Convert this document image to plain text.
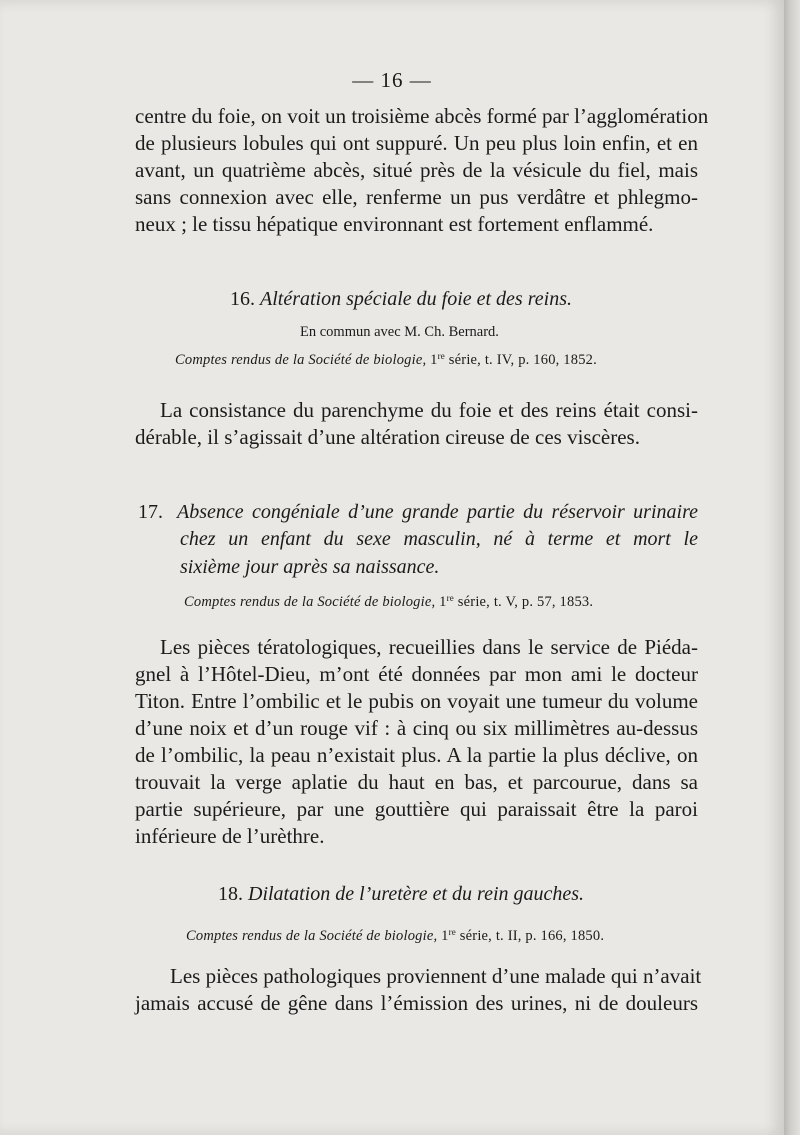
— 16 —

centre du foie, on voit un troisième abcès formé par l’agglomération

de plusieurs lobules qui ont suppuré. Un peu plus loin enfin, et en

avant, un quatrième abcès, situé près de la vésicule du fiel, mais

sans connexion avec elle, renferme un pus verdâtre et phlegmo-

neux ; le tissu hépatique environnant est fortement enflammé.

16. Altération spéciale du foie et des reins.

En commun avec M. Ch. Bernard.

Comptes rendus de la Société de biologie, 1re série, t. IV, p. 160, 1852.

La consistance du parenchyme du foie et des reins était consi-

dérable, il s’agissait d’une altération cireuse de ces viscères.

17. Absence congéniale d’une grande partie du réservoir urinaire

chez un enfant du sexe masculin, né à terme et mort le

sixième jour après sa naissance.

Comptes rendus de la Société de biologie, 1re série, t. V, p. 57, 1853.

Les pièces tératologiques, recueillies dans le service de Piéda-

gnel à l’Hôtel-Dieu, m’ont été données par mon ami le docteur

Titon. Entre l’ombilic et le pubis on voyait une tumeur du volume

d’une noix et d’un rouge vif : à cinq ou six millimètres au-dessus

de l’ombilic, la peau n’existait plus. A la partie la plus déclive, on

trouvait la verge aplatie du haut en bas, et parcourue, dans sa

partie supérieure, par une gouttière qui paraissait être la paroi

inférieure de l’urèthre.

18. Dilatation de l’uretère et du rein gauches.

Comptes rendus de la Société de biologie, 1re série, t. II, p. 166, 1850.

Les pièces pathologiques proviennent d’une malade qui n’avait

jamais accusé de gêne dans l’émission des urines, ni de douleurs
